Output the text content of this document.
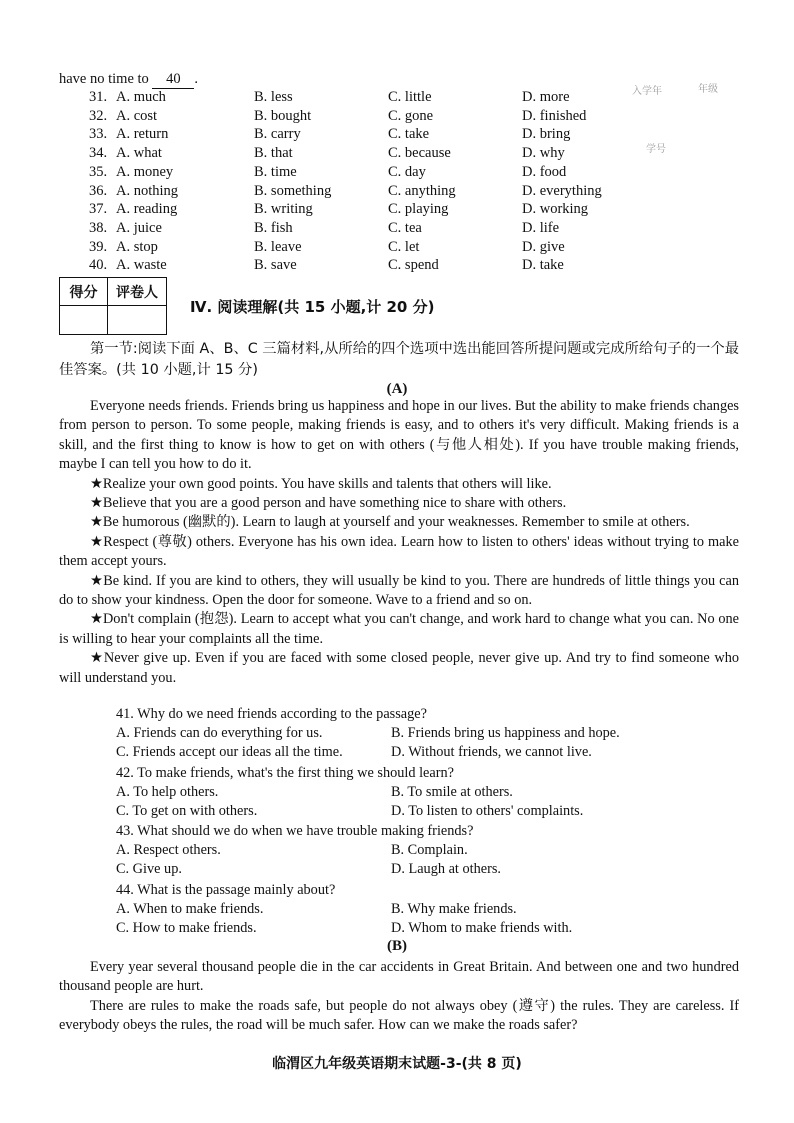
have no time to 40 .
31. A. much	B. less	C. little	D. more
32. A. cost	B. bought	C. gone	D. finished
33. A. return	B. carry	C. take	D. bring
34. A. what	B. that	C. because	D. why
35. A. money	B. time	C. day	D. food
36. A. nothing	B. something	C. anything	D. everything
37. A. reading	B. writing	C. playing	D. working
38. A. juice	B. fish	C. tea	D. life
39. A. stop	B. leave	C. let	D. give
40. A. waste	B. save	C. spend	D. take
入学年	年级
学号
得分	评卷人

Ⅳ. 阅读理解(共 15 小题,计 20 分)

第一节:阅读下面 A、B、C 三篇材料,从所给的四个选项中选出能回答所提问题或完成所给句子的一个最佳答案。(共 10 小题,计 15 分)

(A)

Everyone needs friends. Friends bring us happiness and hope in our lives. But the ability to make friends changes from person to person. To some people, making friends is easy, and to others it's very difficult. Making friends is a skill, and the first thing to know is how to get on with others (与他人相处). If you have trouble making friends, maybe I can tell you how to do it.

★Realize your own good points. You have skills and talents that others will like.

★Believe that you are a good person and have something nice to share with others.

★Be humorous (幽默的). Learn to laugh at yourself and your weaknesses. Remember to smile at others.

★Respect (尊敬) others. Everyone has his own idea. Learn how to listen to others' ideas without trying to make them accept yours.

★Be kind. If you are kind to others, they will usually be kind to you. There are hundreds of little things you can do to show your kindness. Open the door for someone. Wave to a friend and so on.

★Don't complain (抱怨). Learn to accept what you can't change, and work hard to change what you can. No one is willing to hear your complaints all the time.

★Never give up. Even if you are faced with some closed people, never give up. And try to find someone who will understand you.

41. Why do we need friends according to the passage?
A. Friends can do everything for us.	B. Friends bring us happiness and hope.
C. Friends accept our ideas all the time.	D. Without friends, we cannot live.
42. To make friends, what's the first thing we should learn?
A. To help others.	B. To smile at others.
C. To get on with others.	D. To listen to others' complaints.
43. What should we do when we have trouble making friends?
A. Respect others.	B. Complain.
C. Give up.	D. Laugh at others.
44. What is the passage mainly about?
A. When to make friends.	B. Why make friends.
C. How to make friends.	D. Whom to make friends with.
(B)

Every year several thousand people die in the car accidents in Great Britain. And between one and two hundred thousand people are hurt.

There are rules to make the roads safe, but people do not always obey (遵守) the rules. They are careless. If everybody obeys the rules, the road will be much safer. How can we make the roads safer?

临渭区九年级英语期末试题-3-(共 8 页)
